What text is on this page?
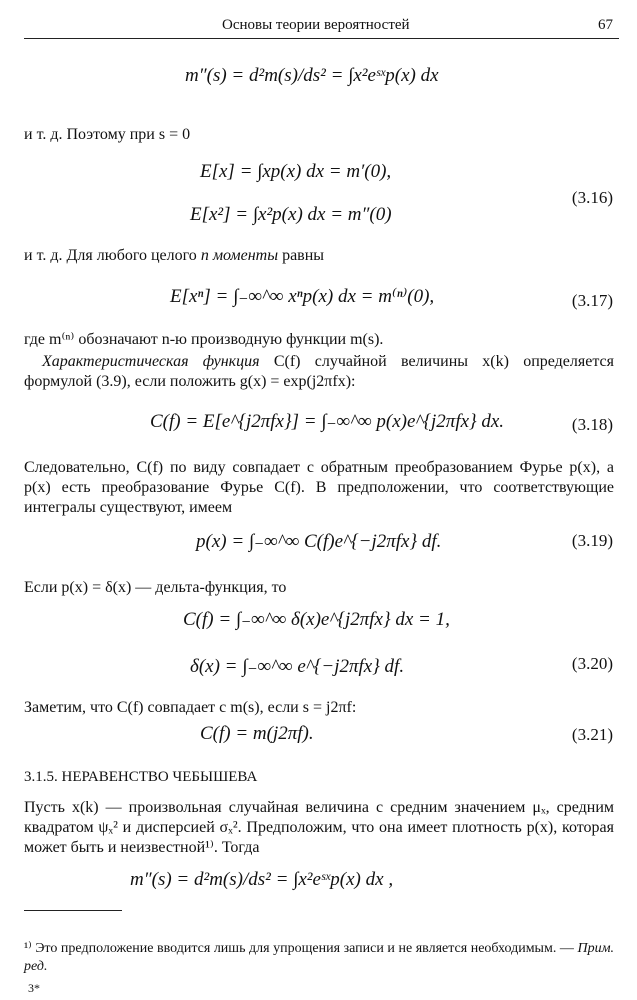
Основы теории вероятностей	67
m″(s) = d²m(s)/ds² = ∫x²eˢˣp(x) dx
и т. д. Поэтому при s = 0
E[x] = ∫xp(x) dx = m′(0),
E[x²] = ∫x²p(x) dx = m″(0)
(3.16)
и т. д. Для любого целого n моменты равны
E[xⁿ] = ∫₋∞^∞ xⁿp(x) dx = m⁽ⁿ⁾(0),	(3.17)
где m⁽ⁿ⁾ обозначают n-ю производную функции m(s).
Характеристическая функция C(f) случайной величины x(k) определяется формулой (3.9), если положить g(x) = exp(j2πfx):
C(f) = E[e^{j2πfx}] = ∫₋∞^∞ p(x)e^{j2πfx} dx.	(3.18)
Следовательно, C(f) по виду совпадает с обратным преобразованием Фурье p(x), а p(x) есть преобразование Фурье C(f). В предположении, что соответствующие интегралы существуют, имеем
p(x) = ∫₋∞^∞ C(f)e^{−j2πfx} df.	(3.19)
Если p(x) = δ(x) — дельта-функция, то
C(f) = ∫₋∞^∞ δ(x)e^{j2πfx} dx = 1,
δ(x) = ∫₋∞^∞ e^{−j2πfx} df.	(3.20)
Заметим, что C(f) совпадает с m(s), если s = j2πf:
C(f) = m(j2πf).	(3.21)
3.1.5. НЕРАВЕНСТВО ЧЕБЫШЕВА
Пусть x(k) — произвольная случайная величина с средним значением μₓ, средним квадратом ψₓ² и дисперсией σₓ². Предположим, что она имеет плотность p(x), которая может быть и неизвестной¹⁾. Тогда
m″(s) = d²m(s)/ds² = ∫x²eˢˣp(x) dx ,
¹⁾ Это предположение вводится лишь для упрощения записи и не является необходимым. — Прим. ред.
3*
